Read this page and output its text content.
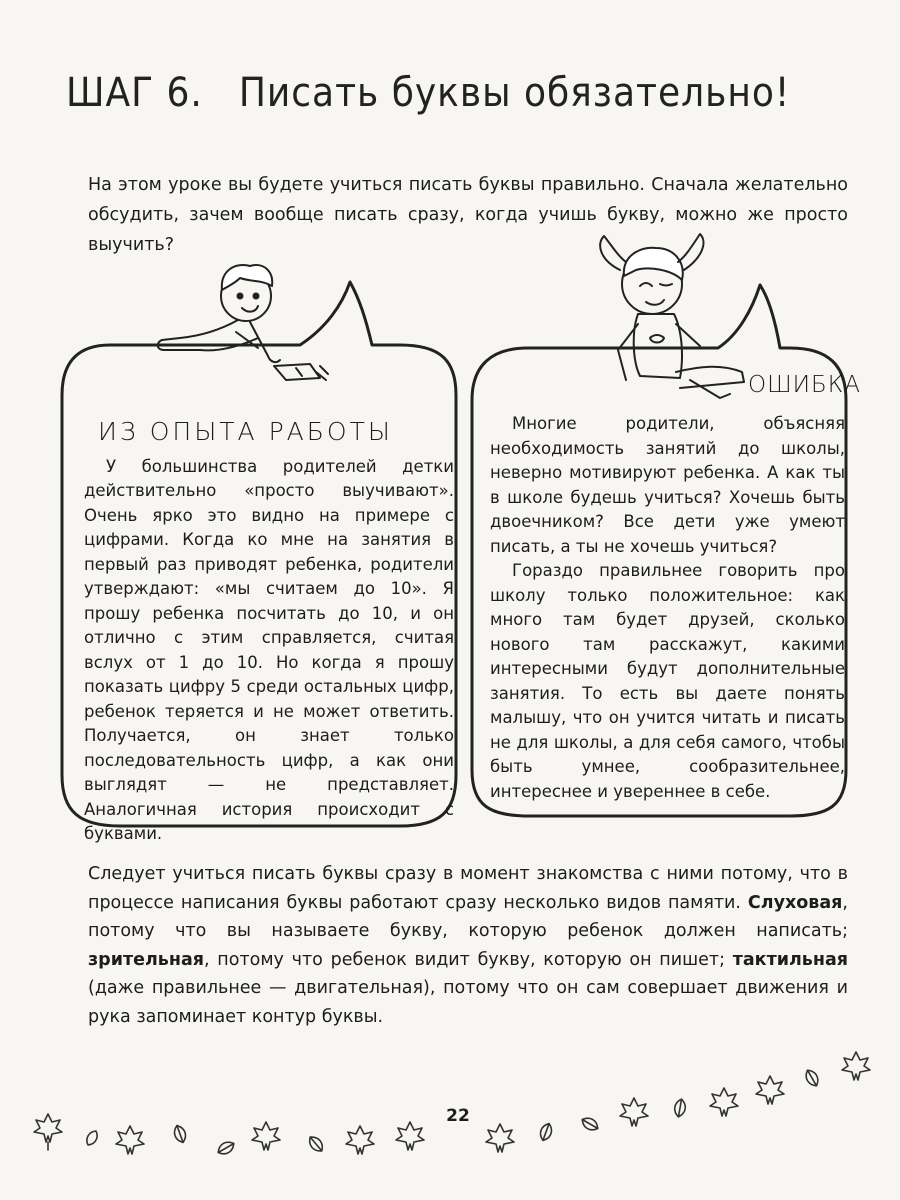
ШАГ 6. Писать буквы обязательно!

На этом уроке вы будете учиться писать буквы правильно. Сначала желательно обсудить, зачем вообще писать сразу, когда учишь букву, можно же просто выучить?

ИЗ ОПЫТА РАБОТЫ

У большинства родителей детки действительно «просто выучивают». Очень ярко это видно на примере с цифрами. Когда ко мне на занятия в первый раз приводят ребенка, родители утверждают: «мы считаем до 10». Я прошу ребенка посчитать до 10, и он отлично с этим справляется, считая вслух от 1 до 10. Но когда я прошу показать цифру 5 среди остальных цифр, ребенок теряется и не может ответить. Получается, он знает только последовательность цифр, а как они выглядят — не представляет. Аналогичная история происходит с буквами.

ОШИБКА

Многие родители, объясняя необходимость занятий до школы, неверно мотивируют ребенка. А как ты в школе будешь учиться? Хочешь быть двоечником? Все дети уже умеют писать, а ты не хочешь учиться?

Гораздо правильнее говорить про школу только положительное: как много там будет друзей, сколько нового там расскажут, какими интересными будут дополнительные занятия. То есть вы даете понять малышу, что он учится читать и писать не для школы, а для себя самого, чтобы быть умнее, сообразительнее, интереснее и увереннее в себе.

Следует учиться писать буквы сразу в момент знакомства с ними потому, что в процессе написания буквы работают сразу несколько видов памяти. Слуховая, потому что вы называете букву, которую ребенок должен написать; зрительная, потому что ребенок видит букву, которую он пишет; тактильная (даже правильнее — двигательная), потому что он сам совершает движения и рука запоминает контур буквы.

22
